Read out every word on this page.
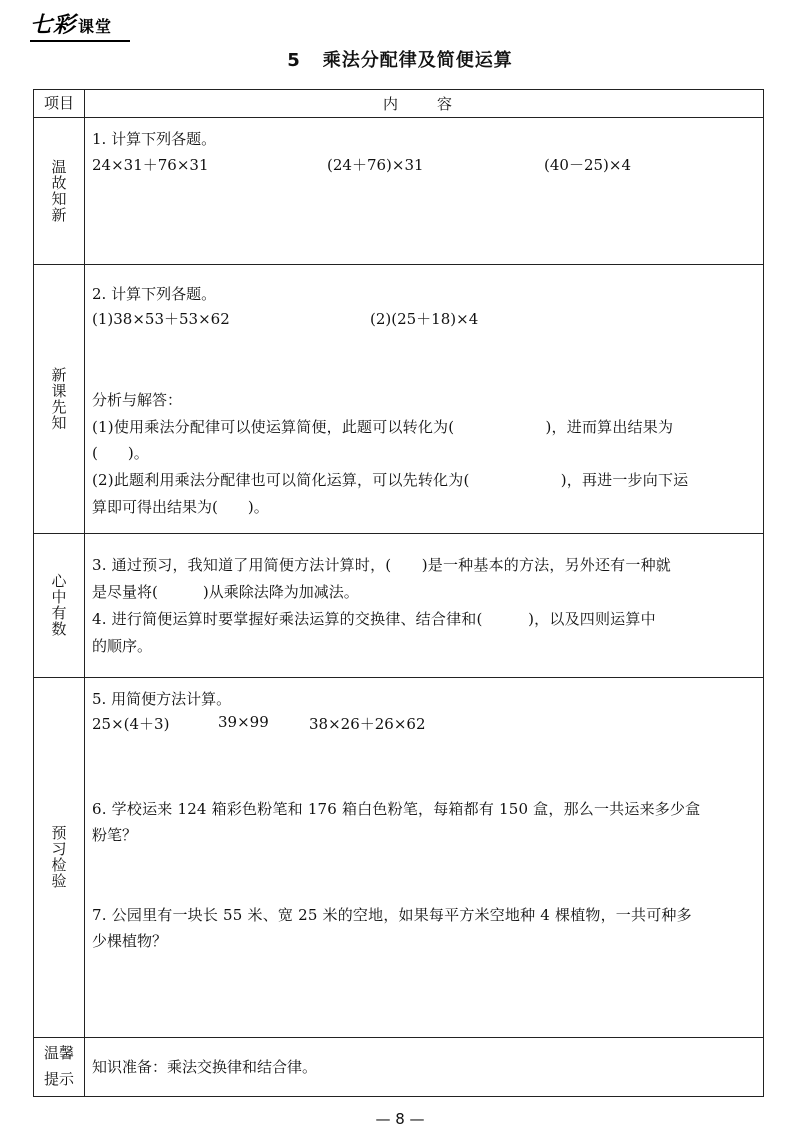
七彩 课堂
5 乘法分配律及简便运算
项目	内　容
温故知新
1. 计算下列各题。
24×31＋76×31	(24＋76)×31	(40－25)×4
新课先知
2. 计算下列各题。
(1)38×53＋53×62	(2)(25＋18)×4
分析与解答：
(1)使用乘法分配律可以使运算简便，此题可以转化为(　　　　　　)，进而算出结果为
(　　)。
(2)此题利用乘法分配律也可以简化运算，可以先转化为(　　　　　　)，再进一步向下运
算即可得出结果为(　　)。
心中有数
3. 通过预习，我知道了用简便方法计算时，(　　)是一种基本的方法，另外还有一种就
是尽量将(　　　)从乘除法降为加减法。
4. 进行简便运算时要掌握好乘法运算的交换律、结合律和(　　　)，以及四则运算中
的顺序。
预习检验
5. 用简便方法计算。
25×(4＋3)	39×99	38×26＋26×62
6. 学校运来 124 箱彩色粉笔和 176 箱白色粉笔，每箱都有 150 盒，那么一共运来多少盒
粉笔？
7. 公园里有一块长 55 米、宽 25 米的空地，如果每平方米空地种 4 棵植物，一共可种多
少棵植物？
温馨
提示
知识准备：乘法交换律和结合律。
— 8 —
